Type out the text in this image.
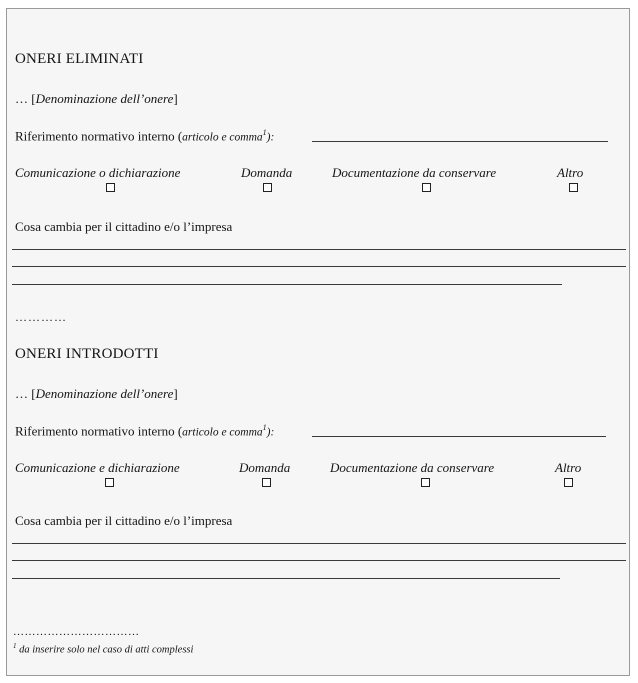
ONERI ELIMINATI
… [Denominazione dell’onere]
Riferimento normativo interno (articolo e comma$^1$):
Comunicazione o dichiarazione	Domanda	Documentazione da conservare	Altro
Cosa cambia per il cittadino e/o l’impresa
…………
ONERI INTRODOTTI
… [Denominazione dell’onere]
Riferimento normativo interno (articolo e comma$^1$):
Comunicazione e dichiarazione	Domanda	Documentazione da conservare	Altro
Cosa cambia per il cittadino e/o l’impresa
……………………………
$^1$ da inserire solo nel caso di atti complessi
